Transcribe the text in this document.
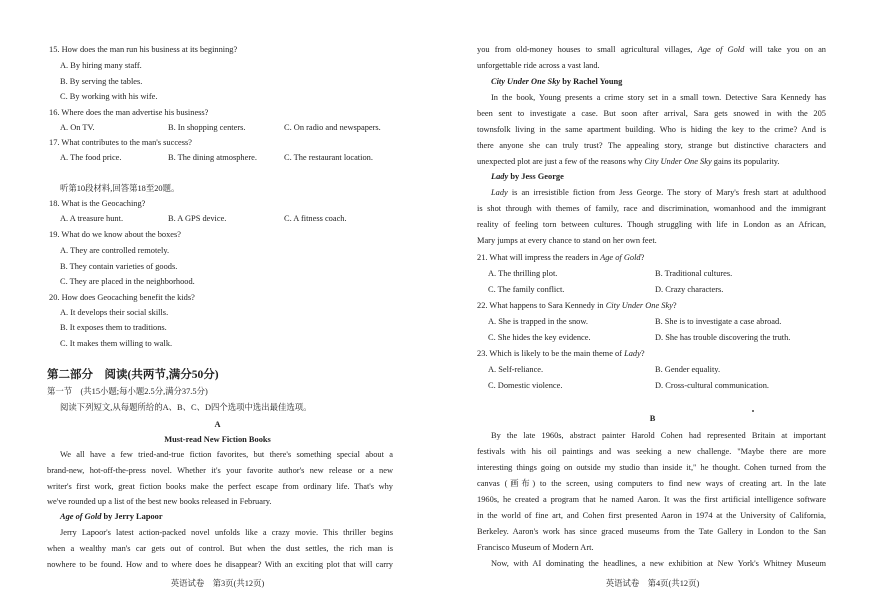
15. How does the man run his business at its beginning?
A. By hiring many staff.
B. By serving the tables.
C. By working with his wife.
16. Where does the man advertise his business?
A. On TV.	B. In shopping centers.	C. On radio and newspapers.
17. What contributes to the man's success?
A. The food price.	B. The dining atmosphere.	C. The restaurant location.
听第10段材料,回答第18至20题。
18. What is the Geocaching?
A. A treasure hunt.	B. A GPS device.	C. A fitness coach.
19. What do we know about the boxes?
A. They are controlled remotely.
B. They contain varieties of goods.
C. They are placed in the neighborhood.
20. How does Geocaching benefit the kids?
A. It develops their social skills.
B. It exposes them to traditions.
C. It makes them willing to walk.
第二部分　阅读(共两节,满分50分)
第一节　(共15小题;每小题2.5分,满分37.5分)
阅读下列短文,从每题所给的A、B、C、D四个选项中选出最佳选项。
A
Must-read New Fiction Books
We all have a few tried-and-true fiction favorites, but there's something special about a
brand-new, hot-off-the-press novel. Whether it's your favorite author's new release or a new
writer's first work, great fiction books make the perfect escape from ordinary life. That's why
we've rounded up a list of the best new books released in February.
Age of Gold by Jerry Lapoor
Jerry Lapoor's latest action-packed novel unfolds like a crazy movie. This thriller begins
when a wealthy man's car gets out of control. But when the dust settles, the rich man is
nowhere to be found. How and to where does he disappear? With an exciting plot that will carry
英语试卷　第3页(共12页)
you from old-money houses to small agricultural villages, Age of Gold will take you on an
unforgettable ride across a vast land.
City Under One Sky by Rachel Young
In the book, Young presents a crime story set in a small town. Detective Sara Kennedy has
been sent to investigate a case. But soon after arrival, Sara gets snowed in with the 205
townsfolk living in the same apartment building. Who is hiding the key to the crime? And is
there anyone she can truly trust? The appealing story, strange but distinctive characters and
unexpected plot are just a few of the reasons why City Under One Sky gains its popularity.
Lady by Jess George
Lady is an irresistible fiction from Jess George. The story of Mary's fresh start at adulthood
is shot through with themes of family, race and discrimination, womanhood and the immigrant
reality of feeling torn between cultures. Though struggling with life in London as an African,
Mary jumps at every chance to stand on her own feet.
21. What will impress the readers in Age of Gold?
A. The thrilling plot.	B. Traditional cultures.
C. The family conflict.	D. Crazy characters.
22. What happens to Sara Kennedy in City Under One Sky?
A. She is trapped in the snow.	B. She is to investigate a case abroad.
C. She hides the key evidence.	D. She has trouble discovering the truth.
23. Which is likely to be the main theme of Lady?
A. Self-reliance.	B. Gender equality.
C. Domestic violence.	D. Cross-cultural communication.
B
By the late 1960s, abstract painter Harold Cohen had represented Britain at important
festivals with his oil paintings and was seeking a new challenge. "Maybe there are more
interesting things going on outside my studio than inside it," he thought. Cohen turned from the
canvas (画布) to the screen, using computers to find new ways of creating art. In the late
1960s, he created a program that he named Aaron. It was the first artificial intelligence software
in the world of fine art, and Cohen first presented Aaron in 1974 at the University of California,
Berkeley. Aaron's work has since graced museums from the Tate Gallery in London to the San
Francisco Museum of Modern Art.
Now, with AI dominating the headlines, a new exhibition at New York's Whitney Museum
英语试卷　第4页(共12页)
